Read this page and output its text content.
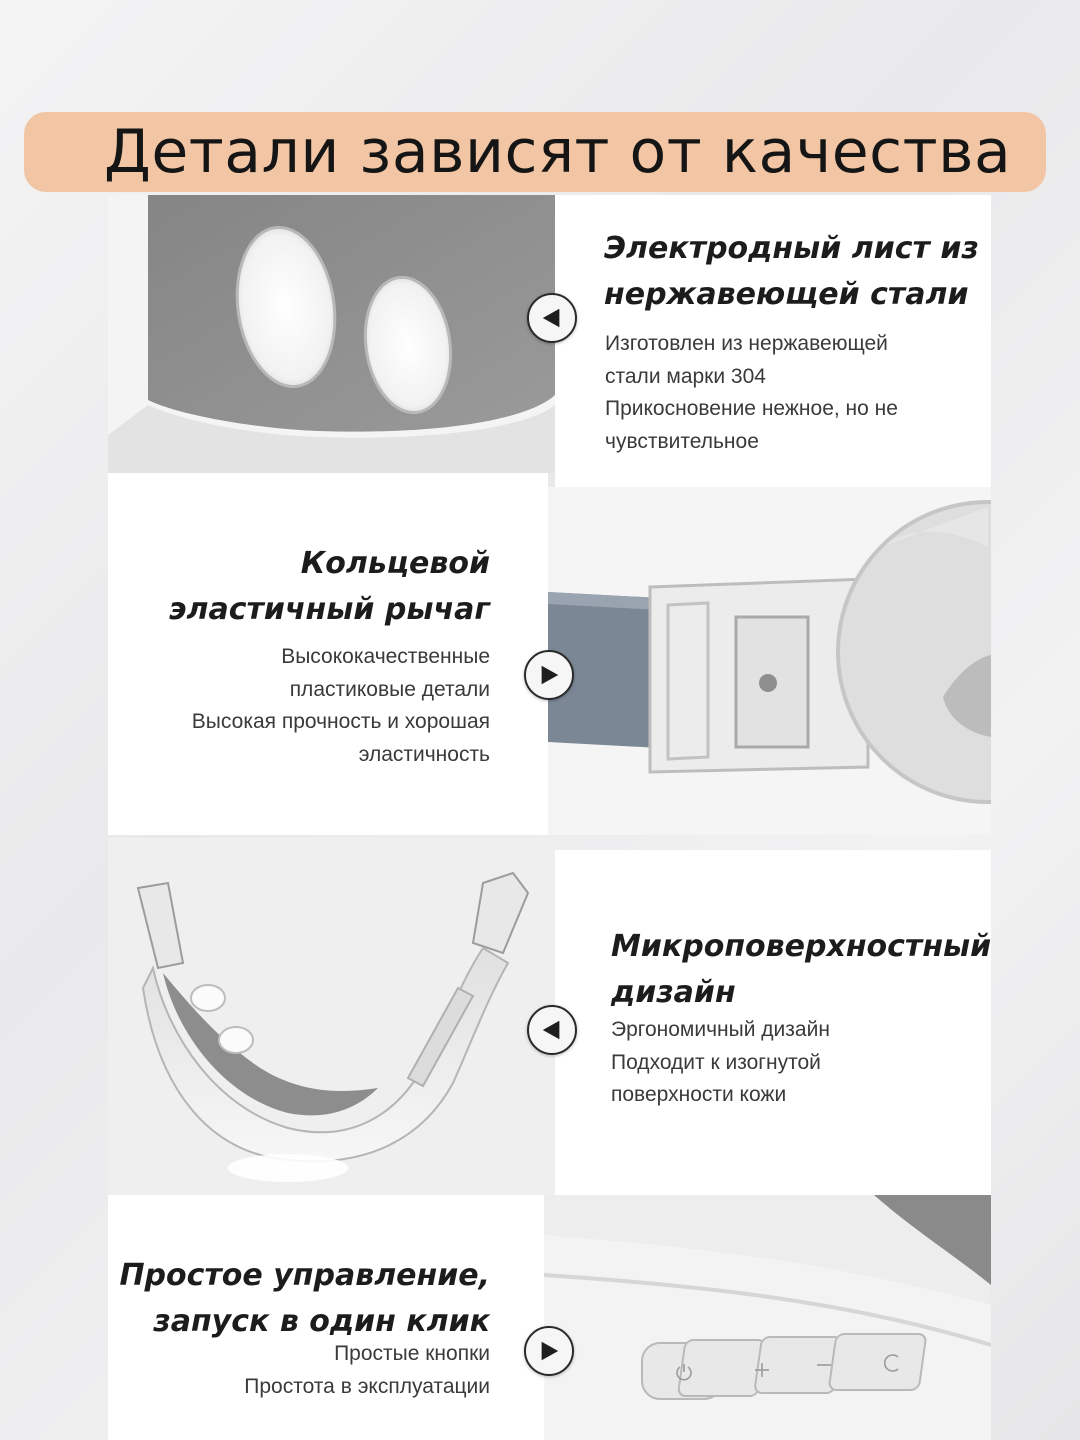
Детали зависят от качества
Электродный лист из
нержавеющей стали
Изготовлен из нержавеющей
стали марки 304
Прикосновение нежное, но не
чувствительное
Кольцевой
эластичный рычаг
Высококачественные
пластиковые детали
Высокая прочность и хорошая
эластичность
Микроповерхностный
дизайн
Эргономичный дизайн
Подходит к изогнутой
поверхности кожи
Простое управление,
запуск в один клик
Простые кнопки
Простота в эксплуатации
